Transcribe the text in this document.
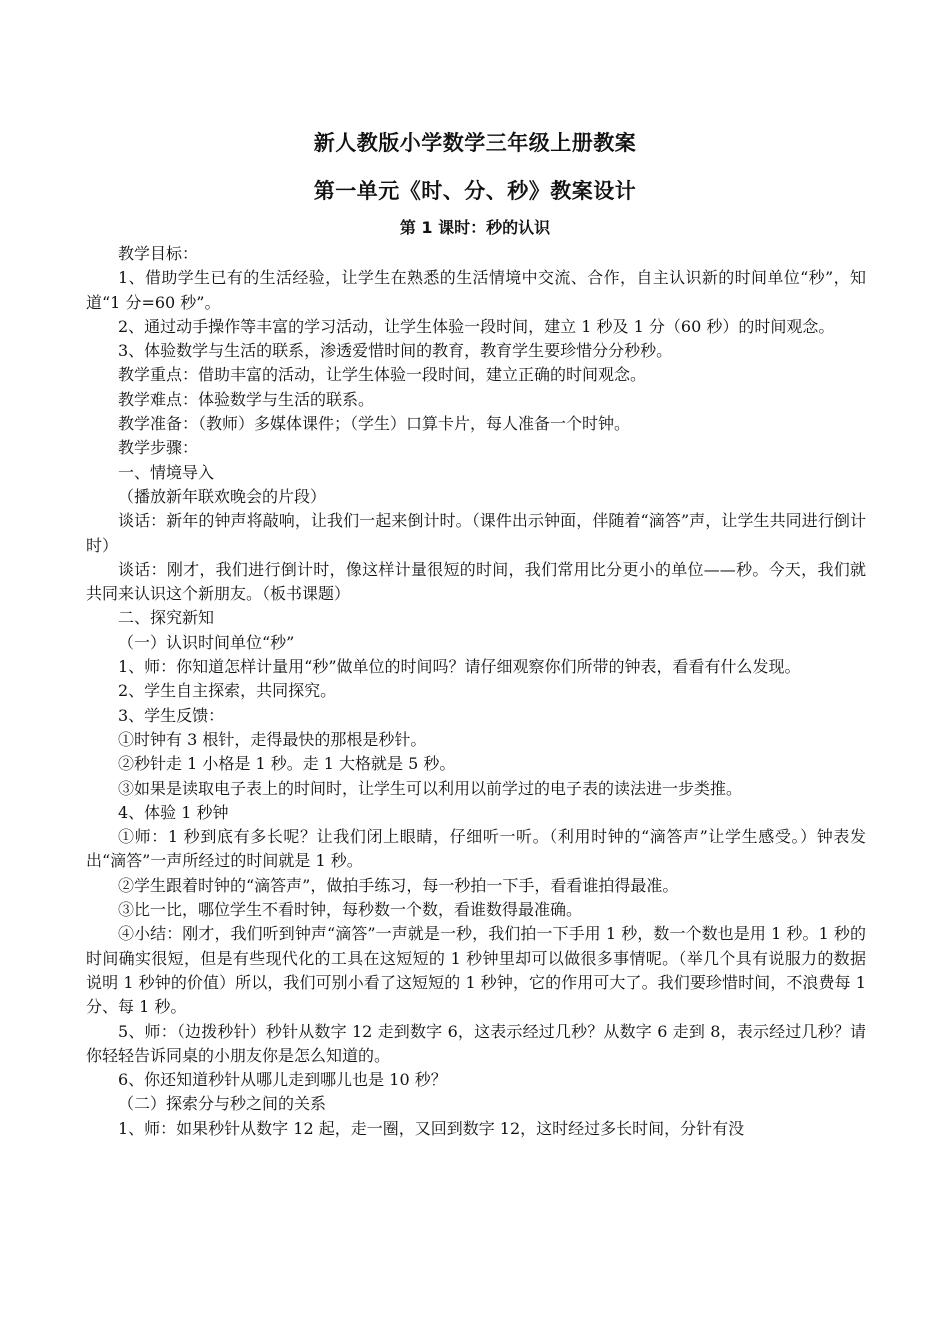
新人教版小学数学三年级上册教案
第一单元《时、分、秒》教案设计
第 1 课时：秒的认识

教学目标：

1、借助学生已有的生活经验，让学生在熟悉的生活情境中交流、合作，自主认识新的时间单位“秒”，知道“1 分=60 秒”。

2、通过动手操作等丰富的学习活动，让学生体验一段时间，建立 1 秒及 1 分（60 秒）的时间观念。

3、体验数学与生活的联系，渗透爱惜时间的教育，教育学生要珍惜分分秒秒。

教学重点：借助丰富的活动，让学生体验一段时间，建立正确的时间观念。

教学难点：体验数学与生活的联系。

教学准备：（教师）多媒体课件；（学生）口算卡片，每人准备一个时钟。

教学步骤：

一、情境导入

（播放新年联欢晚会的片段）

谈话：新年的钟声将敲响，让我们一起来倒计时。（课件出示钟面，伴随着“滴答”声，让学生共同进行倒计时）

谈话：刚才，我们进行倒计时，像这样计量很短的时间，我们常用比分更小的单位——秒。今天，我们就共同来认识这个新朋友。（板书课题）

二、探究新知

（一）认识时间单位“秒”

1、师：你知道怎样计量用“秒”做单位的时间吗？请仔细观察你们所带的钟表，看看有什么发现。

2、学生自主探索，共同探究。

3、学生反馈：

①时钟有 3 根针，走得最快的那根是秒针。

②秒针走 1 小格是 1 秒。走 1 大格就是 5 秒。

③如果是读取电子表上的时间时，让学生可以利用以前学过的电子表的读法进一步类推。

4、体验 1 秒钟

①师：1 秒到底有多长呢？让我们闭上眼睛，仔细听一听。（利用时钟的“滴答声”让学生感受。）钟表发出“滴答”一声所经过的时间就是 1 秒。

②学生跟着时钟的“滴答声”，做拍手练习，每一秒拍一下手，看看谁拍得最准。

③比一比，哪位学生不看时钟，每秒数一个数，看谁数得最准确。

④小结：刚才，我们听到钟声“滴答”一声就是一秒，我们拍一下手用 1 秒，数一个数也是用 1 秒。1 秒的时间确实很短，但是有些现代化的工具在这短短的 1 秒钟里却可以做很多事情呢。（举几个具有说服力的数据说明 1 秒钟的价值）所以，我们可别小看了这短短的 1 秒钟，它的作用可大了。我们要珍惜时间，不浪费每 1 分、每 1 秒。

5、师：（边拨秒针）秒针从数字 12 走到数字 6，这表示经过几秒？从数字 6 走到 8，表示经过几秒？请你轻轻告诉同桌的小朋友你是怎么知道的。

6、你还知道秒针从哪儿走到哪儿也是 10 秒？

（二）探索分与秒之间的关系

1、师：如果秒针从数字 12 起，走一圈，又回到数字 12，这时经过多长时间，分针有没
